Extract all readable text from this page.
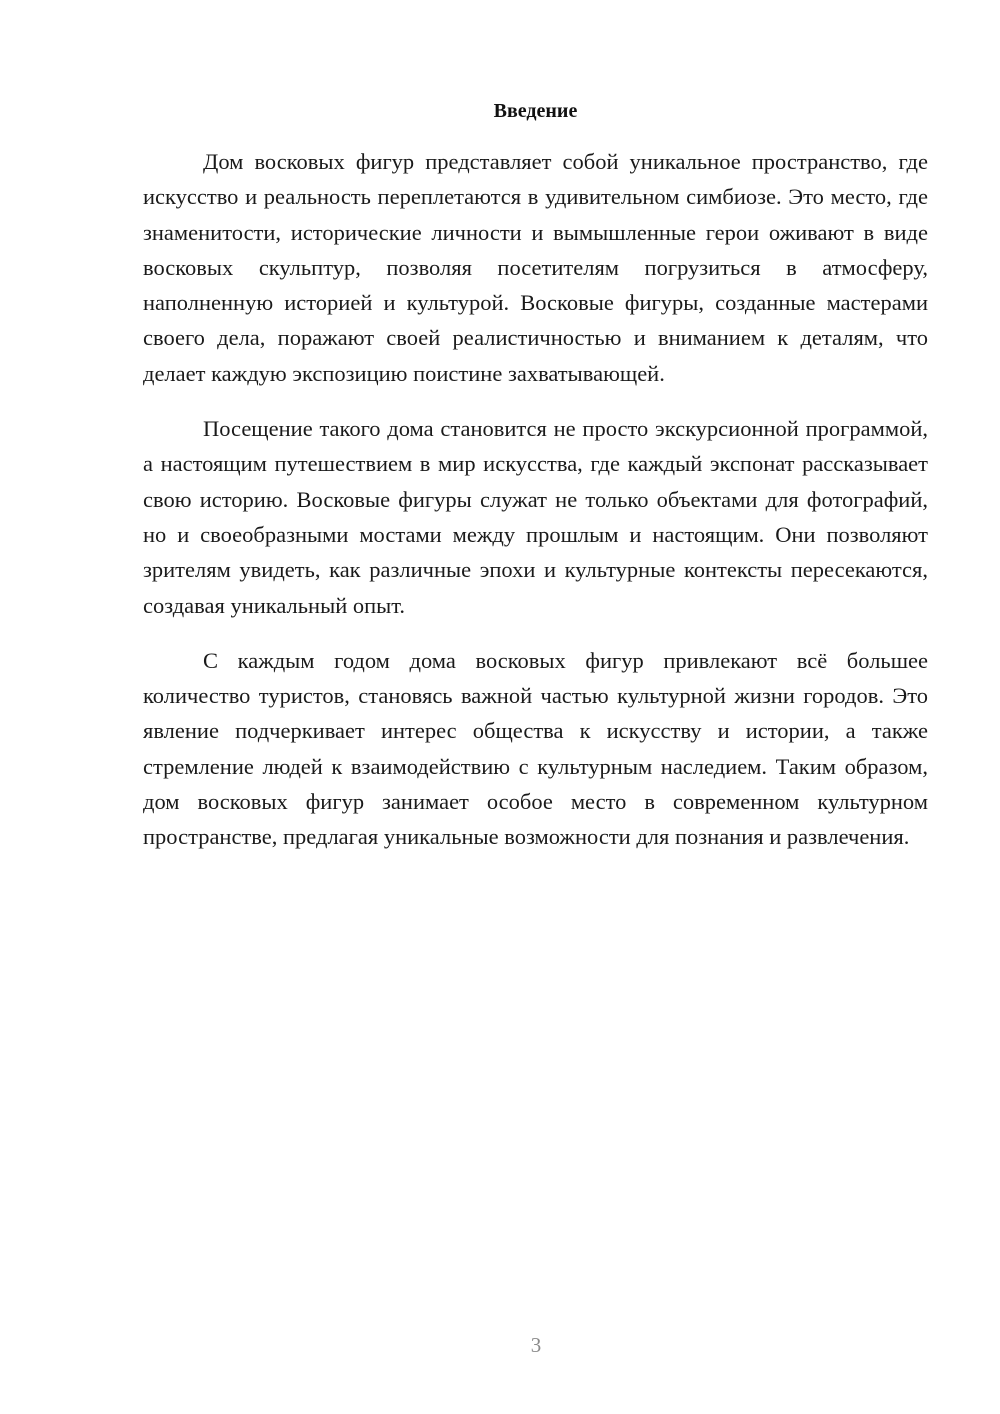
Введение

Дом восковых фигур представляет собой уникальное пространство, где искусство и реальность переплетаются в удивительном симбиозе. Это место, где знаменитости, исторические личности и вымышленные герои оживают в виде восковых скульптур, позволяя посетителям погрузиться в атмосферу, наполненную историей и культурой. Восковые фигуры, созданные мастерами своего дела, поражают своей реалистичностью и вниманием к деталям, что делает каждую экспозицию поистине захватывающей.

Посещение такого дома становится не просто экскурсионной программой, а настоящим путешествием в мир искусства, где каждый экспонат рассказывает свою историю. Восковые фигуры служат не только объектами для фотографий, но и своеобразными мостами между прошлым и настоящим. Они позволяют зрителям увидеть, как различные эпохи и культурные контексты пересекаются, создавая уникальный опыт.

С каждым годом дома восковых фигур привлекают всё большее количество туристов, становясь важной частью культурной жизни городов. Это явление подчеркивает интерес общества к искусству и истории, а также стремление людей к взаимодействию с культурным наследием. Таким образом, дом восковых фигур занимает особое место в современном культурном пространстве, предлагая уникальные возможности для познания и развлечения.

3
